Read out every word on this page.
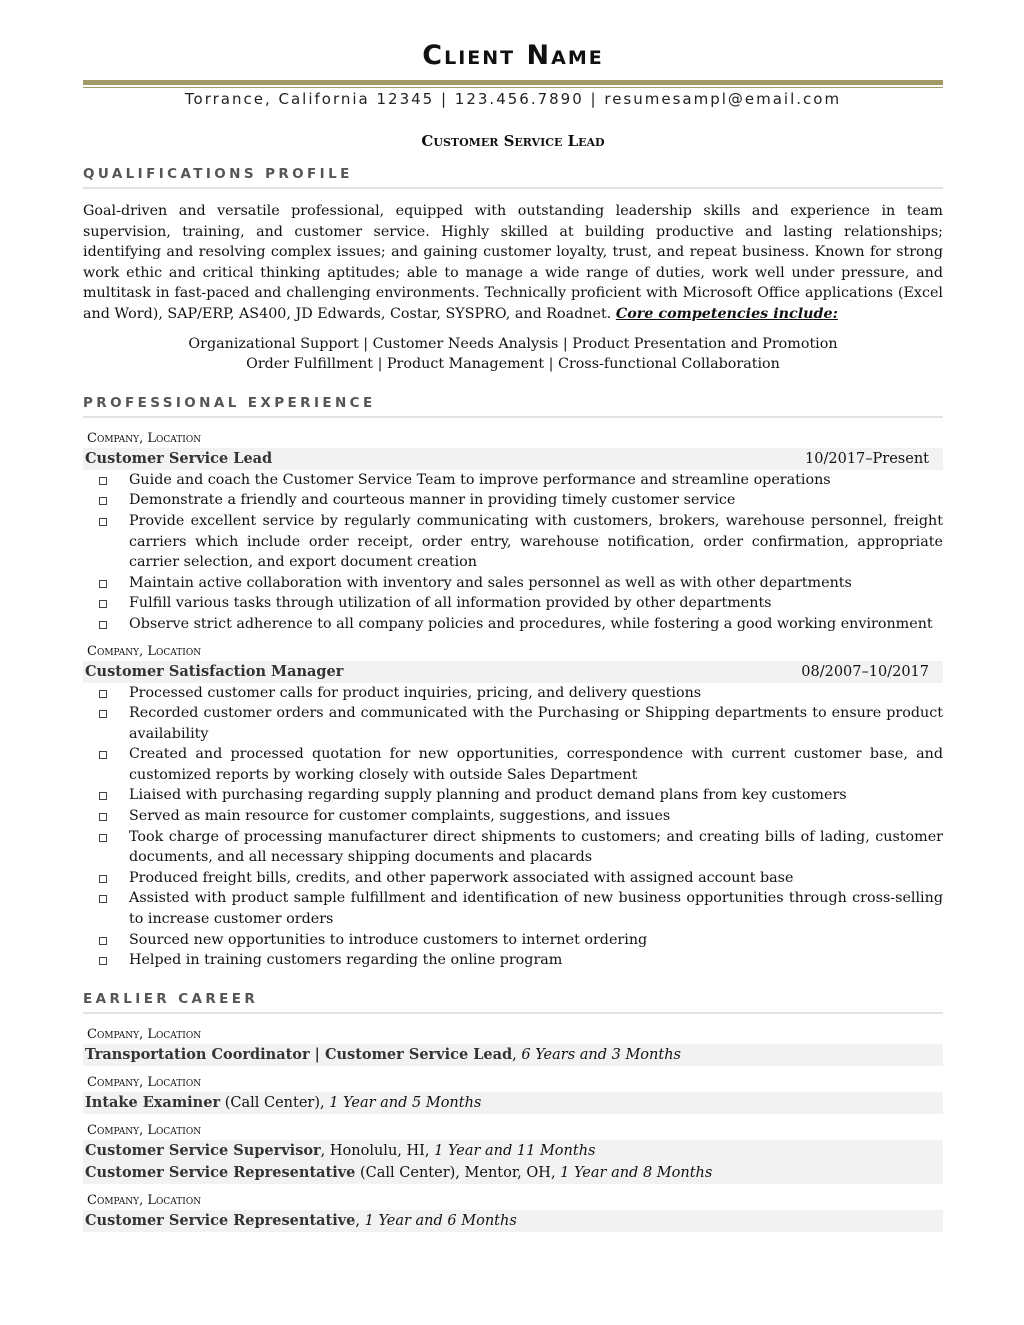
Client Name
Torrance, California 12345 | 123.456.7890 | resumesampl@email.com
Customer Service Lead
QUALIFICATIONS PROFILE
Goal-driven and versatile professional, equipped with outstanding leadership skills and experience in team supervision, training, and customer service. Highly skilled at building productive and lasting relationships; identifying and resolving complex issues; and gaining customer loyalty, trust, and repeat business. Known for strong work ethic and critical thinking aptitudes; able to manage a wide range of duties, work well under pressure, and multitask in fast-paced and challenging environments. Technically proficient with Microsoft Office applications (Excel and Word), SAP/ERP, AS400, JD Edwards, Costar, SYSPRO, and Roadnet. Core competencies include:
Organizational Support | Customer Needs Analysis | Product Presentation and Promotion
Order Fulfillment | Product Management | Cross-functional Collaboration
PROFESSIONAL EXPERIENCE
Company, Location
Customer Service Lead	10/2017–Present
Guide and coach the Customer Service Team to improve performance and streamline operations
Demonstrate a friendly and courteous manner in providing timely customer service
Provide excellent service by regularly communicating with customers, brokers, warehouse personnel, freight carriers which include order receipt, order entry, warehouse notification, order confirmation, appropriate carrier selection, and export document creation
Maintain active collaboration with inventory and sales personnel as well as with other departments
Fulfill various tasks through utilization of all information provided by other departments
Observe strict adherence to all company policies and procedures, while fostering a good working environment
Company, Location
Customer Satisfaction Manager	08/2007–10/2017
Processed customer calls for product inquiries, pricing, and delivery questions
Recorded customer orders and communicated with the Purchasing or Shipping departments to ensure product availability
Created and processed quotation for new opportunities, correspondence with current customer base, and customized reports by working closely with outside Sales Department
Liaised with purchasing regarding supply planning and product demand plans from key customers
Served as main resource for customer complaints, suggestions, and issues
Took charge of processing manufacturer direct shipments to customers; and creating bills of lading, customer documents, and all necessary shipping documents and placards
Produced freight bills, credits, and other paperwork associated with assigned account base
Assisted with product sample fulfillment and identification of new business opportunities through cross-selling to increase customer orders
Sourced new opportunities to introduce customers to internet ordering
Helped in training customers regarding the online program
EARLIER CAREER
Company, Location
Transportation Coordinator | Customer Service Lead, 6 Years and 3 Months
Company, Location
Intake Examiner (Call Center), 1 Year and 5 Months
Company, Location
Customer Service Supervisor, Honolulu, HI, 1 Year and 11 Months
Customer Service Representative (Call Center), Mentor, OH, 1 Year and 8 Months
Company, Location
Customer Service Representative, 1 Year and 6 Months
